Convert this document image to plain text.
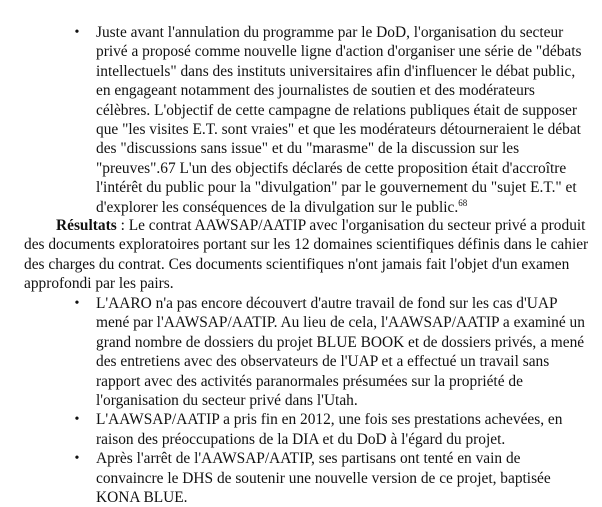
• Juste avant l'annulation du programme par le DoD, l'organisation du secteur privé a proposé comme nouvelle ligne d'action d'organiser une série de "débats intellectuels" dans des instituts universitaires afin d'influencer le débat public, en engageant notamment des journalistes de soutien et des modérateurs célèbres. L'objectif de cette campagne de relations publiques était de supposer que "les visites E.T. sont vraies" et que les modérateurs détourneraient le débat des "discussions sans issue" et du "marasme" de la discussion sur les "preuves".67 L'un des objectifs déclarés de cette proposition était d'accroître l'intérêt du public pour la "divulgation" par le gouvernement du "sujet E.T." et d'explorer les conséquences de la divulgation sur le public.$^{68}$

Résultats : Le contrat AAWSAP/AATIP avec l'organisation du secteur privé a produit des documents exploratoires portant sur les 12 domaines scientifiques définis dans le cahier des charges du contrat. Ces documents scientifiques n'ont jamais fait l'objet d'un examen approfondi par les pairs.

• L'AARO n'a pas encore découvert d'autre travail de fond sur les cas d'UAP mené par l'AAWSAP/AATIP. Au lieu de cela, l'AAWSAP/AATIP a examiné un grand nombre de dossiers du projet BLUE BOOK et de dossiers privés, a mené des entretiens avec des observateurs de l'UAP et a effectué un travail sans rapport avec des activités paranormales présumées sur la propriété de l'organisation du secteur privé dans l'Utah.
• L'AAWSAP/AATIP a pris fin en 2012, une fois ses prestations achevées, en raison des préoccupations de la DIA et du DoD à l'égard du projet.
• Après l'arrêt de l'AAWSAP/AATIP, ses partisans ont tenté en vain de convaincre le DHS de soutenir une nouvelle version de ce projet, baptisée KONA BLUE.
